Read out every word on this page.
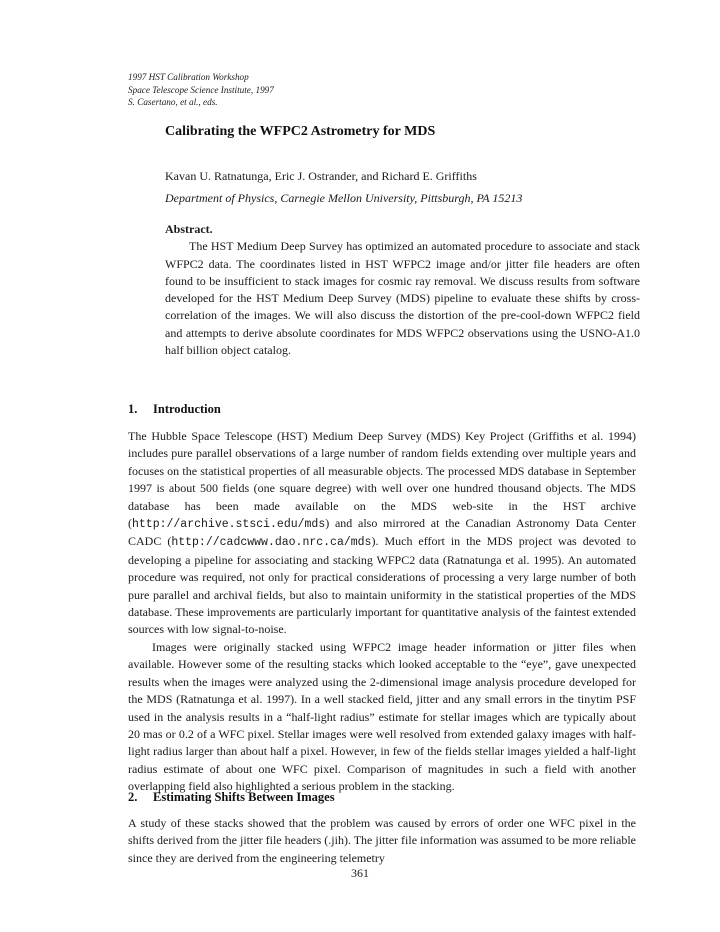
1997 HST Calibration Workshop
Space Telescope Science Institute, 1997
S. Casertano, et al., eds.
Calibrating the WFPC2 Astrometry for MDS

Kavan U. Ratnatunga, Eric J. Ostrander, and Richard E. Griffiths

Department of Physics, Carnegie Mellon University, Pittsburgh, PA 15213

Abstract.

The HST Medium Deep Survey has optimized an automated procedure to associate and stack WFPC2 data. The coordinates listed in HST WFPC2 image and/or jitter file headers are often found to be insufficient to stack images for cosmic ray removal. We discuss results from software developed for the HST Medium Deep Survey (MDS) pipeline to evaluate these shifts by cross-correlation of the images. We will also discuss the distortion of the pre-cool-down WFPC2 field and attempts to derive absolute coordinates for MDS WFPC2 observations using the USNO-A1.0 half billion object catalog.

1. Introduction

The Hubble Space Telescope (HST) Medium Deep Survey (MDS) Key Project (Griffiths et al. 1994) includes pure parallel observations of a large number of random fields extending over multiple years and focuses on the statistical properties of all measurable objects. The processed MDS database in September 1997 is about 500 fields (one square degree) with well over one hundred thousand objects. The MDS database has been made available on the MDS web-site in the HST archive (http://archive.stsci.edu/mds) and also mirrored at the Canadian Astronomy Data Center CADC (http://cadcwww.dao.nrc.ca/mds). Much effort in the MDS project was devoted to developing a pipeline for associating and stacking WFPC2 data (Ratnatunga et al. 1995). An automated procedure was required, not only for practical considerations of processing a very large number of both pure parallel and archival fields, but also to maintain uniformity in the statistical properties of the MDS database. These improvements are particularly important for quantitative analysis of the faintest extended sources with low signal-to-noise.

Images were originally stacked using WFPC2 image header information or jitter files when available. However some of the resulting stacks which looked acceptable to the “eye”, gave unexpected results when the images were analyzed using the 2-dimensional image analysis procedure developed for the MDS (Ratnatunga et al. 1997). In a well stacked field, jitter and any small errors in the tinytim PSF used in the analysis results in a “half-light radius” estimate for stellar images which are typically about 20 mas or 0.2 of a WFC pixel. Stellar images were well resolved from extended galaxy images with half-light radius larger than about half a pixel. However, in few of the fields stellar images yielded a half-light radius estimate of about one WFC pixel. Comparison of magnitudes in such a field with another overlapping field also highlighted a serious problem in the stacking.

2. Estimating Shifts Between Images

A study of these stacks showed that the problem was caused by errors of order one WFC pixel in the shifts derived from the jitter file headers (.jih). The jitter file information was assumed to be more reliable since they are derived from the engineering telemetry

361
